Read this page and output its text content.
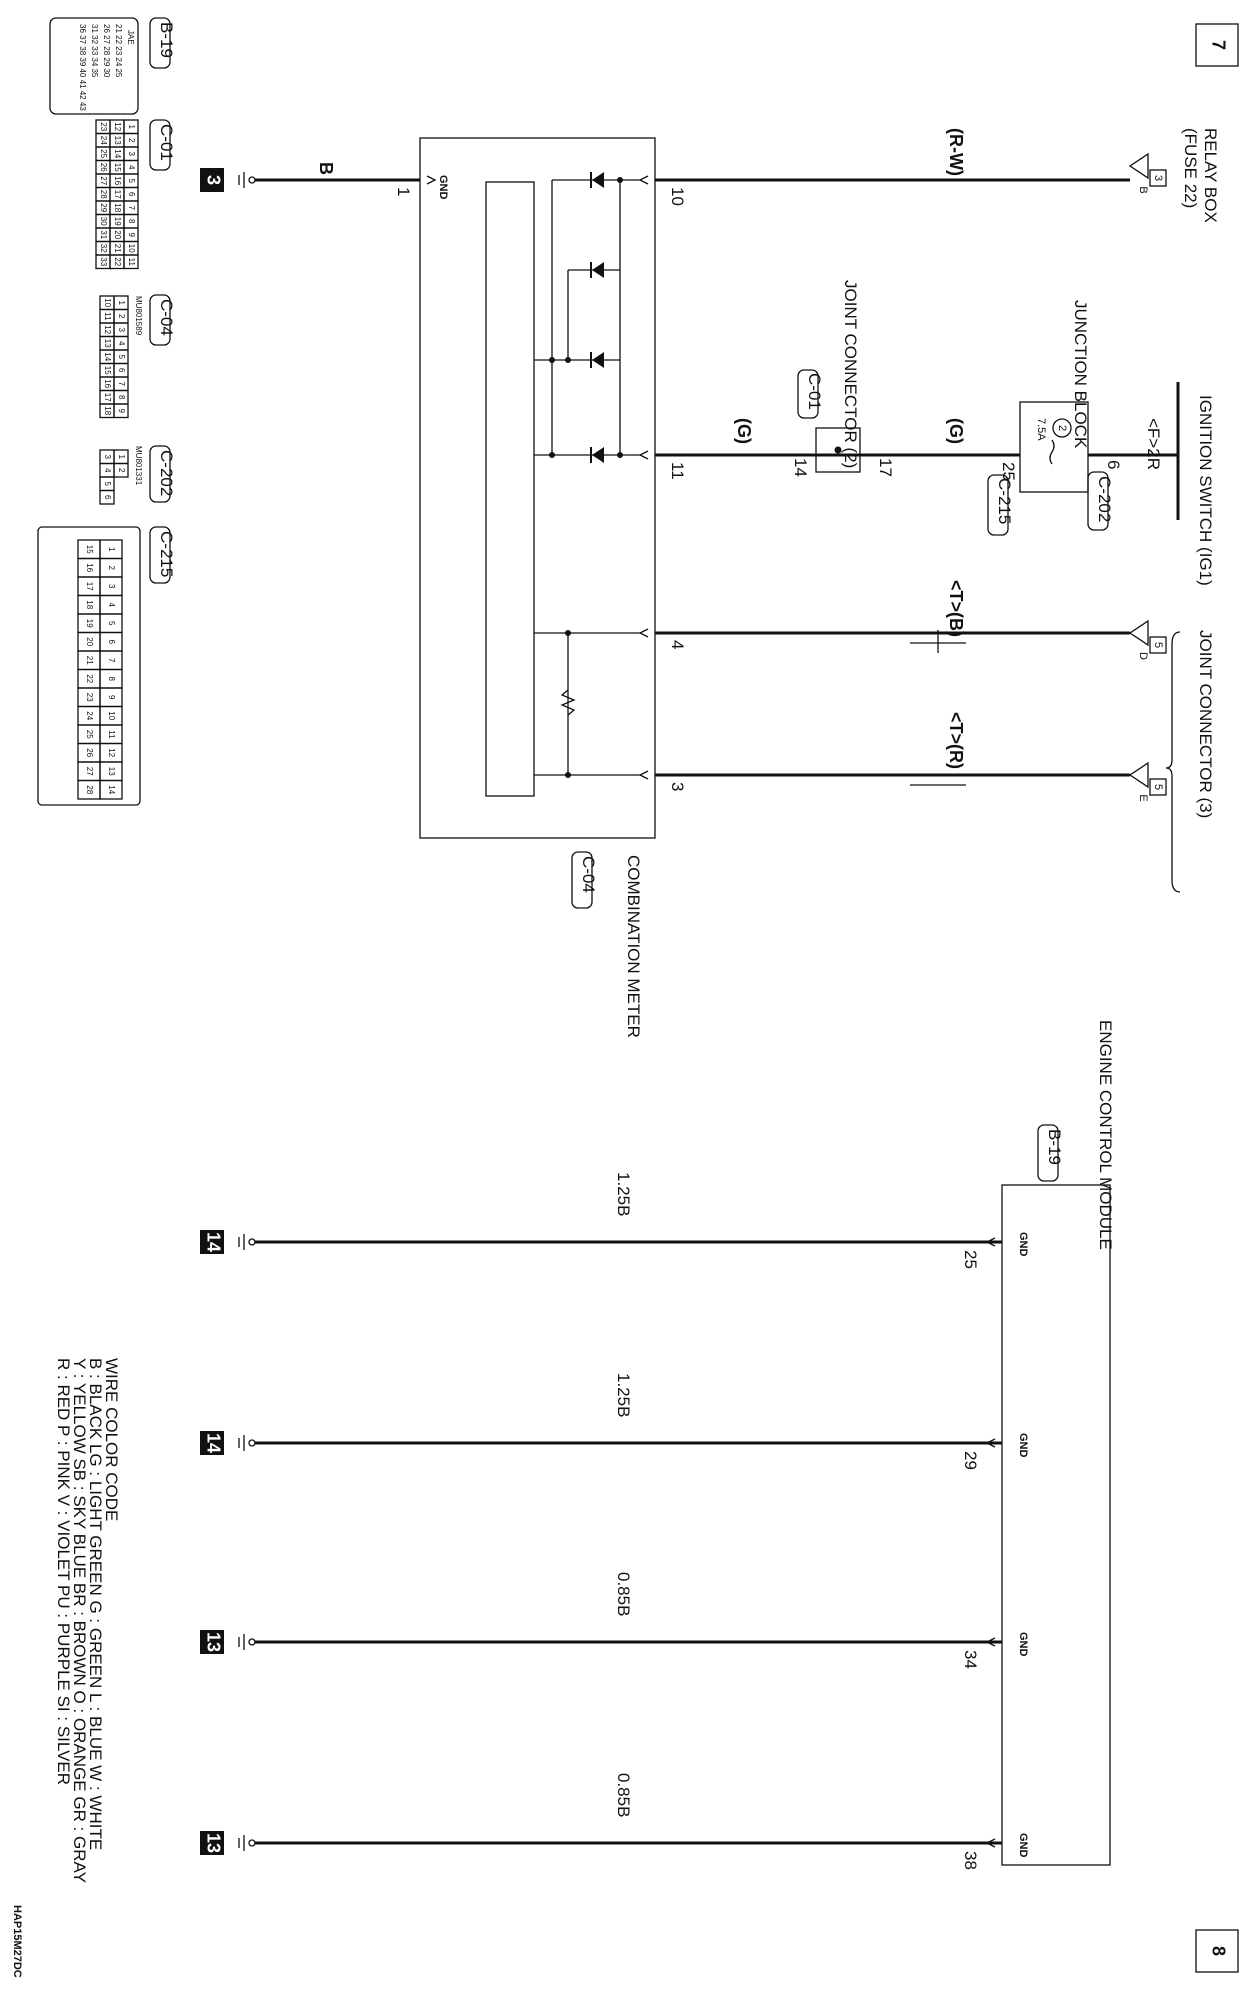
7
8
RELAY BOX
(FUSE 22)
3
B
IGNITION SWITCH (IG1)
<F>2R
JUNCTION BLOCK
2
7.5A
6
C-202
25
C-215
JOINT CONNECTOR (2)
C-01
17
14
JOINT CONNECTOR (3)
5
D
5
E
(R-W)
(G)
(G)
<T>(B)
<T>(R)
B
GND
1	10
11
4
3
3
COMBINATION METER
C-04
ENGINE CONTROL MODULE
B-19
GND
25
1.25B
14
GND
29
1.25B
14
GND
34
0.85B
13
GND
38
0.85B
13
B-19
JAE
21 22 23 24 25
26 27 28 29 30
31 32 33 34 35
36 37 38 39 40 41 42 43
C-01
1
2
3
4
5
6
7
8
9
10
11
12
13
14
15
16
17
18
19
20
21
22
23
24
25
26
27
28
29
30
31
32
33
C-04
MU801589
1
2
3
4
5
6
7
8
9
10
11
12
13
14
15
16
17
18
C-202
MU801331
1
2
3
4
5
6
C-215
1
2
3
4
5
6
7
8
9
10
11
12
13
14
15
16
17
18
19
20
21
22
23
24
25
26
27
28
WIRE COLOR CODE
B : BLACK LG : LIGHT GREEN G : GREEN L : BLUE W : WHITE
Y : YELLOW SB : SKY BLUE BR : BROWN O : ORANGE GR : GRAY
R : RED P : PINK V : VIOLET PU : PURPLE SI : SILVER
HAP15M27DC
